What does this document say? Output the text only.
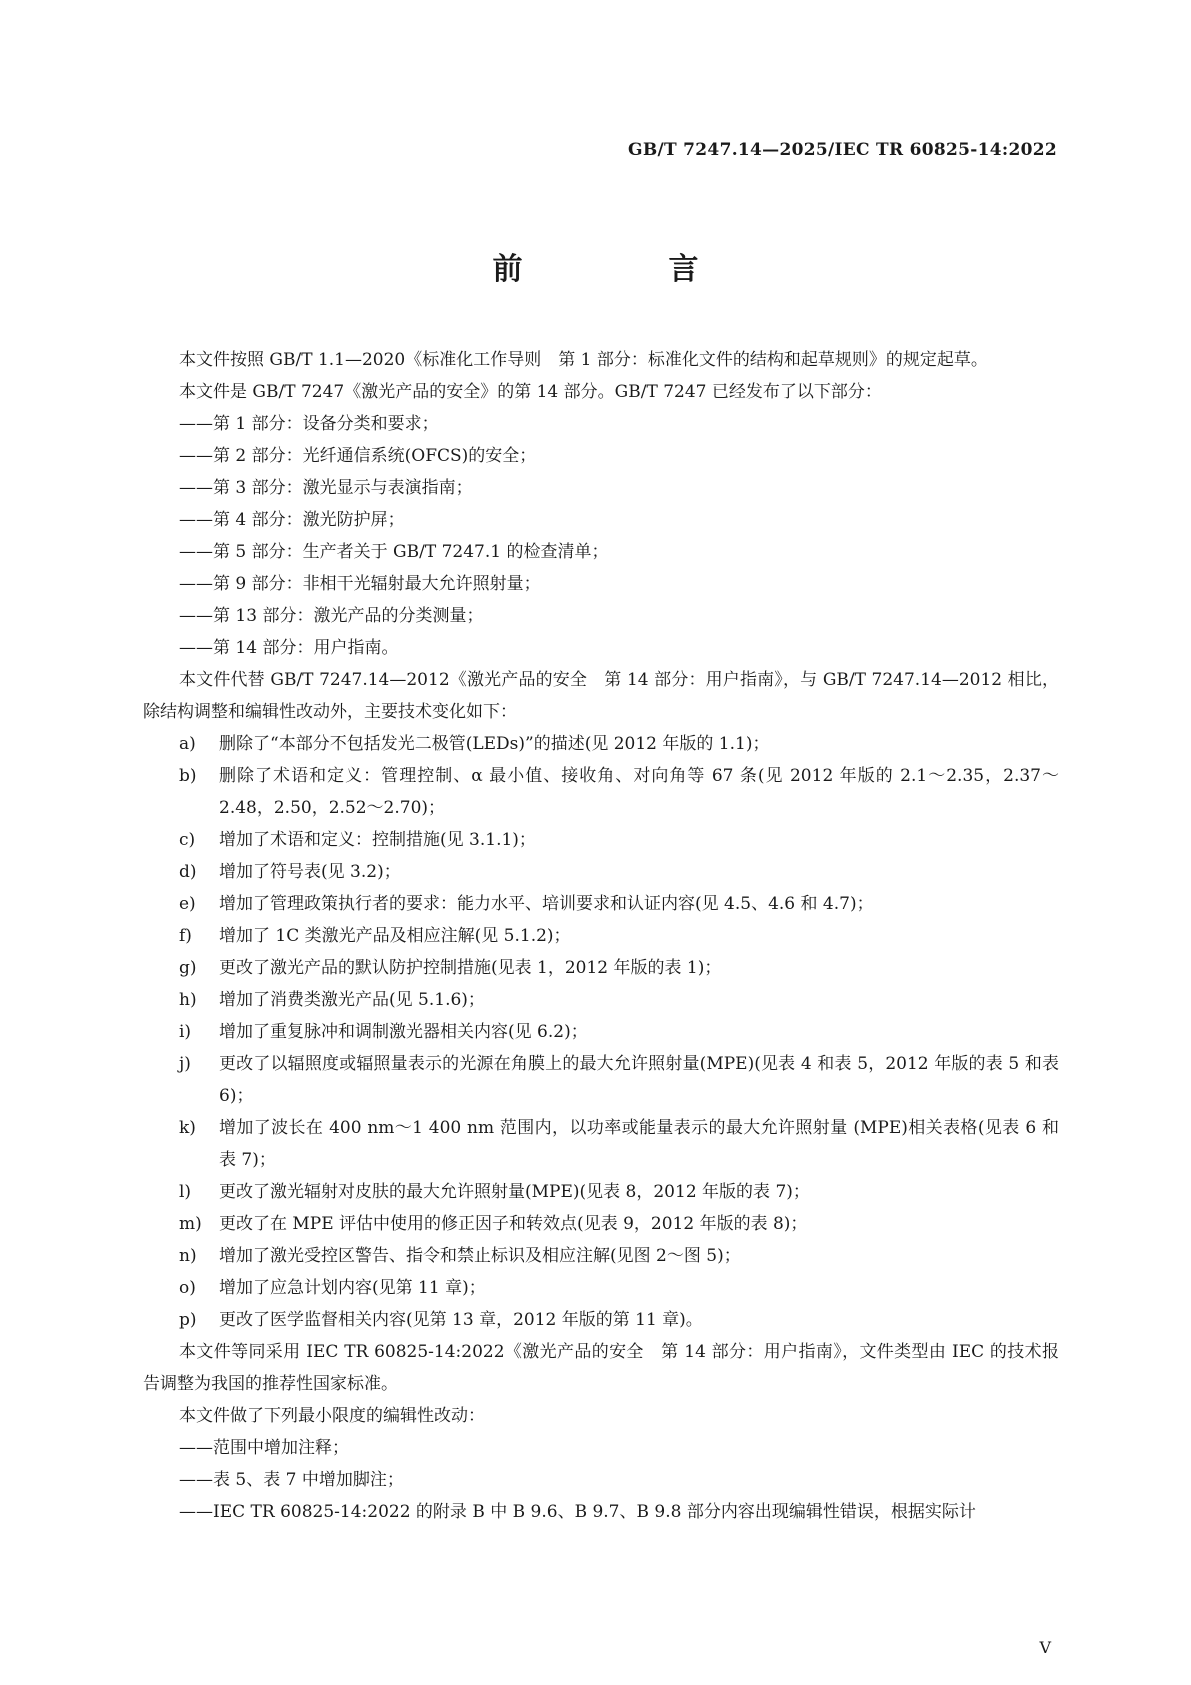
GB/T 7247.14—2025/IEC TR 60825-14:2022
前　言

本文件按照 GB/T 1.1—2020《标准化工作导则　第 1 部分：标准化文件的结构和起草规则》的规定起草。

本文件是 GB/T 7247《激光产品的安全》的第 14 部分。GB/T 7247 已经发布了以下部分：

——第 1 部分：设备分类和要求；

——第 2 部分：光纤通信系统(OFCS)的安全；

——第 3 部分：激光显示与表演指南；

——第 4 部分：激光防护屏；

——第 5 部分：生产者关于 GB/T 7247.1 的检查清单；

——第 9 部分：非相干光辐射最大允许照射量；

——第 13 部分：激光产品的分类测量；

——第 14 部分：用户指南。

本文件代替 GB/T 7247.14—2012《激光产品的安全　第 14 部分：用户指南》，与 GB/T 7247.14—2012 相比，除结构调整和编辑性改动外，主要技术变化如下：

a)	删除了“本部分不包括发光二极管(LEDs)”的描述(见 2012 年版的 1.1)；
b)	删除了术语和定义：管理控制、α 最小值、接收角、对向角等 67 条(见 2012 年版的 2.1～2.35，2.37～2.48，2.50，2.52～2.70)；
c)	增加了术语和定义：控制措施(见 3.1.1)；
d)	增加了符号表(见 3.2)；
e)	增加了管理政策执行者的要求：能力水平、培训要求和认证内容(见 4.5、4.6 和 4.7)；
f)	增加了 1C 类激光产品及相应注解(见 5.1.2)；
g)	更改了激光产品的默认防护控制措施(见表 1，2012 年版的表 1)；
h)	增加了消费类激光产品(见 5.1.6)；
i)	增加了重复脉冲和调制激光器相关内容(见 6.2)；
j)	更改了以辐照度或辐照量表示的光源在角膜上的最大允许照射量(MPE)(见表 4 和表 5，2012 年版的表 5 和表 6)；
k)	增加了波长在 400 nm～1 400 nm 范围内，以功率或能量表示的最大允许照射量 (MPE)相关表格(见表 6 和表 7)；
l)	更改了激光辐射对皮肤的最大允许照射量(MPE)(见表 8，2012 年版的表 7)；
m)	更改了在 MPE 评估中使用的修正因子和转效点(见表 9，2012 年版的表 8)；
n)	增加了激光受控区警告、指令和禁止标识及相应注解(见图 2～图 5)；
o)	增加了应急计划内容(见第 11 章)；
p)	更改了医学监督相关内容(见第 13 章，2012 年版的第 11 章)。

本文件等同采用 IEC TR 60825-14:2022《激光产品的安全　第 14 部分：用户指南》，文件类型由 IEC 的技术报告调整为我国的推荐性国家标准。

本文件做了下列最小限度的编辑性改动：

——范围中增加注释；

——表 5、表 7 中增加脚注；

——IEC TR 60825-14:2022 的附录 B 中 B 9.6、B 9.7、B 9.8 部分内容出现编辑性错误，根据实际计

V
